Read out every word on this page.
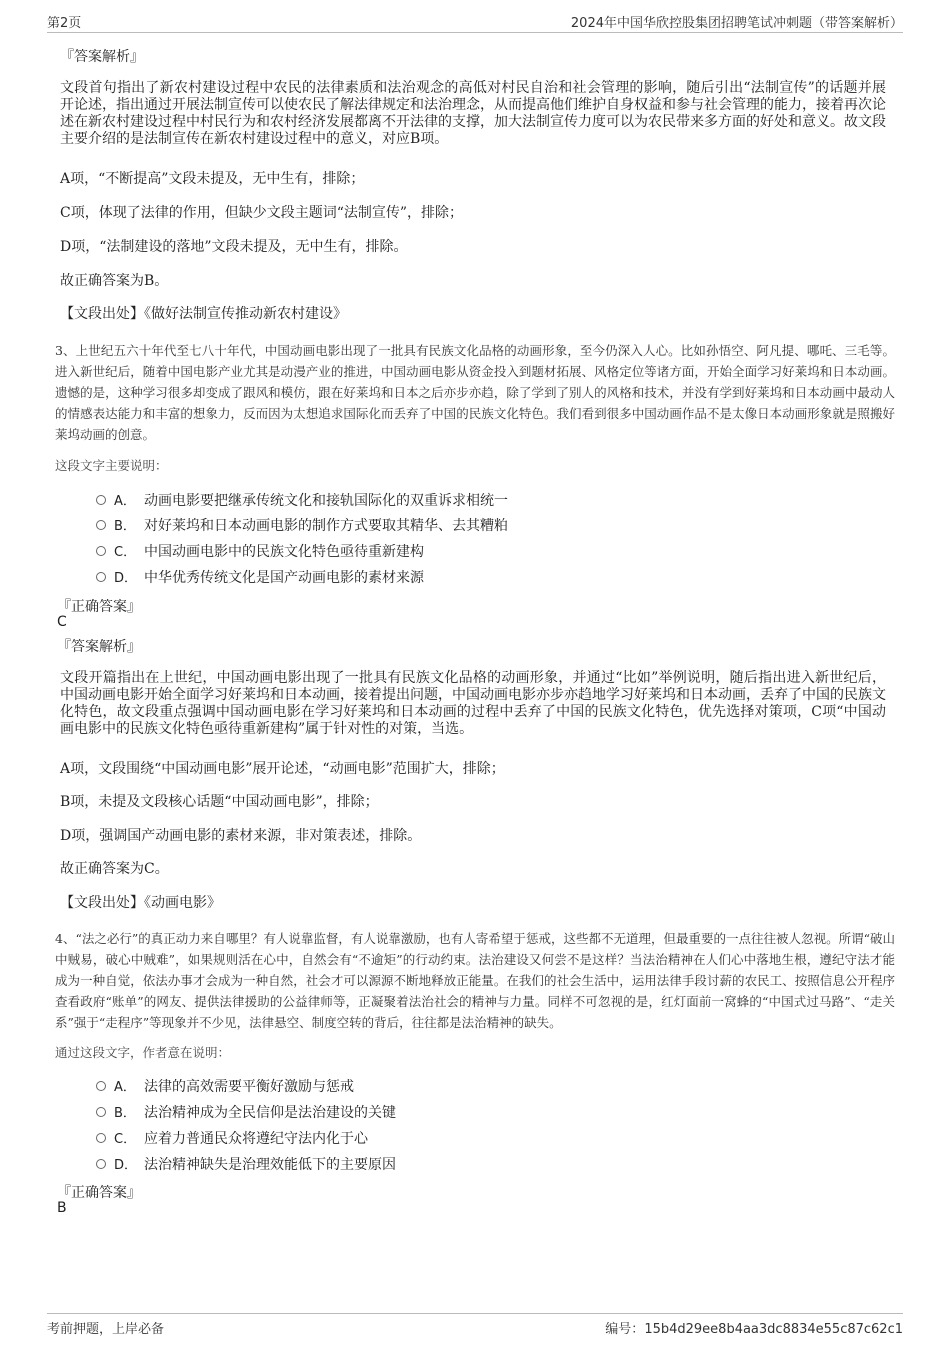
第2页	2024年中国华欣控股集团招聘笔试冲刺题（带答案解析）
『答案解析』
文段首句指出了新农村建设过程中农民的法律素质和法治观念的高低对村民自治和社会管理的影响，随后引出“法制宣传”的话题并展开论述，指出通过开展法制宣传可以使农民了解法律规定和法治理念，从而提高他们维护自身权益和参与社会管理的能力，接着再次论述在新农村建设过程中村民行为和农村经济发展都离不开法律的支撑，加大法制宣传力度可以为农民带来多方面的好处和意义。故文段主要介绍的是法制宣传在新农村建设过程中的意义，对应B项。
A项，“不断提高”文段未提及，无中生有，排除；
C项，体现了法律的作用，但缺少文段主题词“法制宣传”，排除；
D项，“法制建设的落地”文段未提及，无中生有，排除。
故正确答案为B。
【文段出处】《做好法制宣传推动新农村建设》
3、上世纪五六十年代至七八十年代，中国动画电影出现了一批具有民族文化品格的动画形象，至今仍深入人心。比如孙悟空、阿凡提、哪吒、三毛等。进入新世纪后，随着中国电影产业尤其是动漫产业的推进，中国动画电影从资金投入到题材拓展、风格定位等诸方面，开始全面学习好莱坞和日本动画。遗憾的是，这种学习很多却变成了跟风和模仿，跟在好莱坞和日本之后亦步亦趋，除了学到了别人的风格和技术，并没有学到好莱坞和日本动画中最动人的情感表达能力和丰富的想象力，反而因为太想追求国际化而丢弃了中国的民族文化特色。我们看到很多中国动画作品不是太像日本动画形象就是照搬好莱坞动画的创意。
这段文字主要说明：
A． 动画电影要把继承传统文化和接轨国际化的双重诉求相统一
B． 对好莱坞和日本动画电影的制作方式要取其精华、去其糟粕
C． 中国动画电影中的民族文化特色亟待重新建构
D． 中华优秀传统文化是国产动画电影的素材来源
『正确答案』
C
『答案解析』
文段开篇指出在上世纪，中国动画电影出现了一批具有民族文化品格的动画形象，并通过“比如”举例说明，随后指出进入新世纪后，中国动画电影开始全面学习好莱坞和日本动画，接着提出问题，中国动画电影亦步亦趋地学习好莱坞和日本动画，丢弃了中国的民族文化特色，故文段重点强调中国动画电影在学习好莱坞和日本动画的过程中丢弃了中国的民族文化特色，优先选择对策项，C项“中国动画电影中的民族文化特色亟待重新建构”属于针对性的对策，当选。
A项，文段围绕“中国动画电影”展开论述，“动画电影”范围扩大，排除；
B项，未提及文段核心话题“中国动画电影”，排除；
D项，强调国产动画电影的素材来源，非对策表述，排除。
故正确答案为C。
【文段出处】《动画电影》
4、“法之必行”的真正动力来自哪里？有人说靠监督，有人说靠激励，也有人寄希望于惩戒，这些都不无道理，但最重要的一点往往被人忽视。所谓“破山中贼易，破心中贼难”，如果规则活在心中，自然会有“不逾矩”的行动约束。法治建设又何尝不是这样？当法治精神在人们心中落地生根，遵纪守法才能成为一种自觉，依法办事才会成为一种自然，社会才可以源源不断地释放正能量。在我们的社会生活中，运用法律手段讨薪的农民工、按照信息公开程序查看政府“账单”的网友、提供法律援助的公益律师等，正凝聚着法治社会的精神与力量。同样不可忽视的是，红灯面前一窝蜂的“中国式过马路”、“走关系”强于“走程序”等现象并不少见，法律悬空、制度空转的背后，往往都是法治精神的缺失。
通过这段文字，作者意在说明：
A． 法律的高效需要平衡好激励与惩戒
B． 法治精神成为全民信仰是法治建设的关键
C． 应着力普通民众将遵纪守法内化于心
D． 法治精神缺失是治理效能低下的主要原因
『正确答案』
B
考前押题，上岸必备	编号：15b4d29ee8b4aa3dc8834e55c87c62c1
